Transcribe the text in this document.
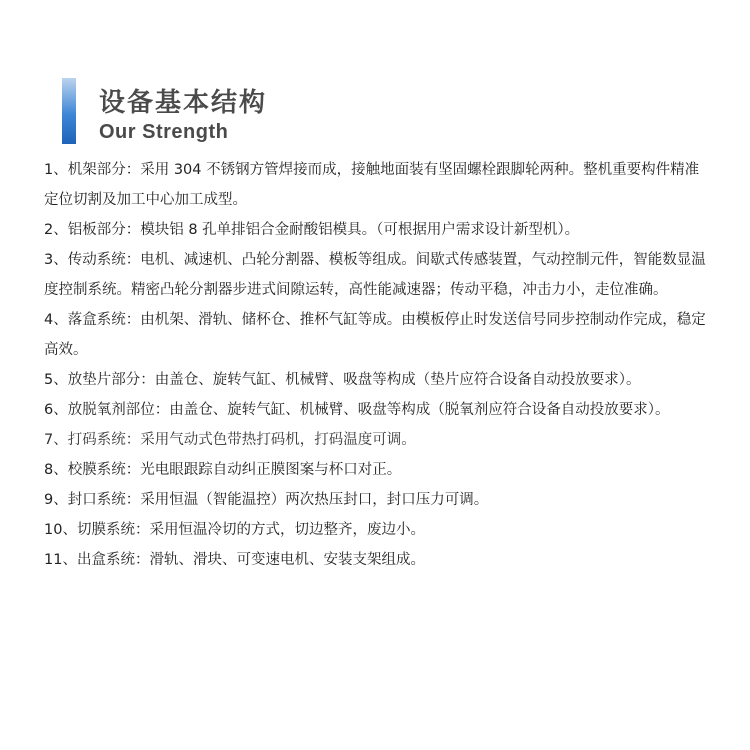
设备基本结构
Our Strength

1、机架部分：采用 304 不锈钢方管焊接而成，接触地面装有坚固螺栓跟脚轮两种。整机重要构件精准定位切割及加工中心加工成型。

2、铝板部分：模块铝 8 孔单排铝合金耐酸铝模具。（可根据用户需求设计新型机）。

3、传动系统：电机、减速机、凸轮分割器、模板等组成。间歇式传感装置，气动控制元件，智能数显温度控制系统。精密凸轮分割器步进式间隙运转，高性能减速器；传动平稳，冲击力小，走位准确。

4、落盒系统：由机架、滑轨、储杯仓、推杯气缸等成。由模板停止时发送信号同步控制动作完成，稳定高效。

5、放垫片部分：由盖仓、旋转气缸、机械臂、吸盘等构成（垫片应符合设备自动投放要求）。

6、放脱氧剂部位：由盖仓、旋转气缸、机械臂、吸盘等构成（脱氧剂应符合设备自动投放要求）。

7、打码系统：采用气动式色带热打码机，打码温度可调。

8、校膜系统：光电眼跟踪自动纠正膜图案与杯口对正。

9、封口系统：采用恒温（智能温控）两次热压封口，封口压力可调。

10、切膜系统：采用恒温冷切的方式，切边整齐，废边小。

11、出盒系统：滑轨、滑块、可变速电机、安装支架组成。
